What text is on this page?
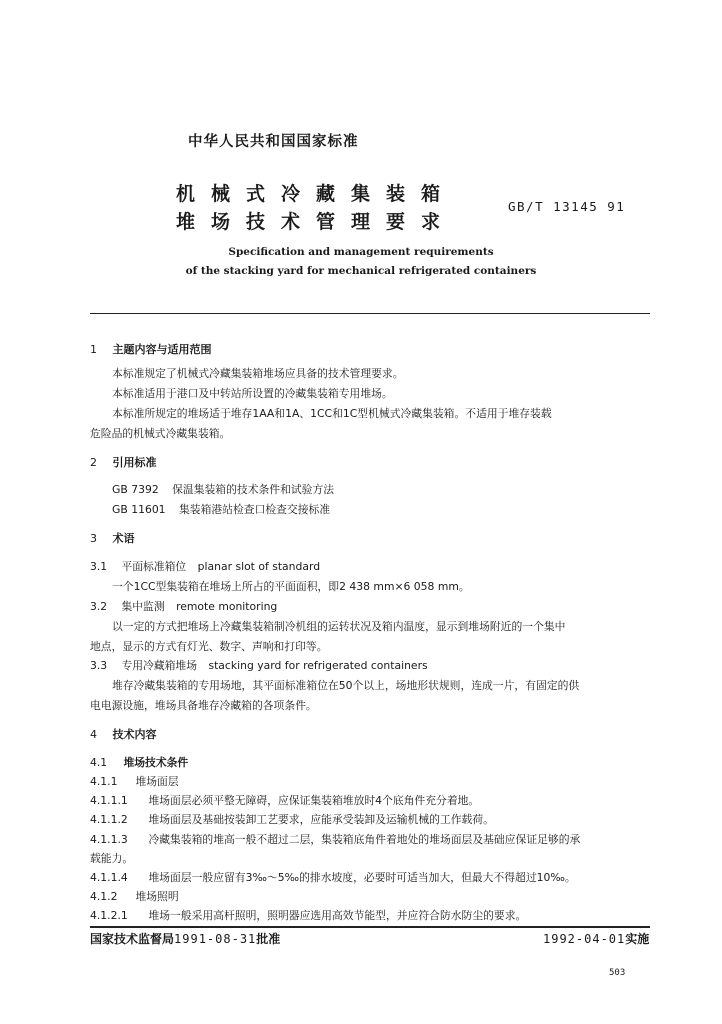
中华人民共和国国家标准
机械式冷藏集装箱
堆场技术管理要求
GB/T 13145 91
Specification and management requirements
of the stacking yard for mechanical refrigerated containers
1 主题内容与适用范围
本标准规定了机械式冷藏集装箱堆场应具备的技术管理要求。
本标准适用于港口及中转站所设置的冷藏集装箱专用堆场。
本标准所规定的堆场适于堆存1AA和1A、1CC和1C型机械式冷藏集装箱。不适用于堆存装载
危险品的机械式冷藏集装箱。
2 引用标准
GB 7392 保温集装箱的技术条件和试验方法
GB 11601 集装箱港站检查口检查交接标准
3 术语
3.1 平面标准箱位 planar slot of standard
一个1CC型集装箱在堆场上所占的平面面积，即2 438 mm×6 058 mm。
3.2 集中监测 remote monitoring
以一定的方式把堆场上冷藏集装箱制冷机组的运转状况及箱内温度，显示到堆场附近的一个集中
地点，显示的方式有灯光、数字、声响和打印等。
3.3 专用冷藏箱堆场 stacking yard for refrigerated containers
堆存冷藏集装箱的专用场地，其平面标准箱位在50个以上，场地形状规则，连成一片，有固定的供
电电源设施，堆场具备堆存冷藏箱的各项条件。
4 技术内容
4.1 堆场技术条件
4.1.1 堆场面层
4.1.1.1 堆场面层必须平整无障碍，应保证集装箱堆放时4个底角件充分着地。
4.1.1.2 堆场面层及基础按装卸工艺要求，应能承受装卸及运输机械的工作载荷。
4.1.1.3 冷藏集装箱的堆高一般不超过二层，集装箱底角件着地处的堆场面层及基础应保证足够的承
载能力。
4.1.1.4 堆场面层一般应留有3‰～5‰的排水坡度，必要时可适当加大，但最大不得超过10‰。
4.1.2 堆场照明
4.1.2.1 堆场一般采用高杆照明，照明器应选用高效节能型，并应符合防水防尘的要求。
国家技术监督局1991-08-31批准	1992-04-01实施
503
